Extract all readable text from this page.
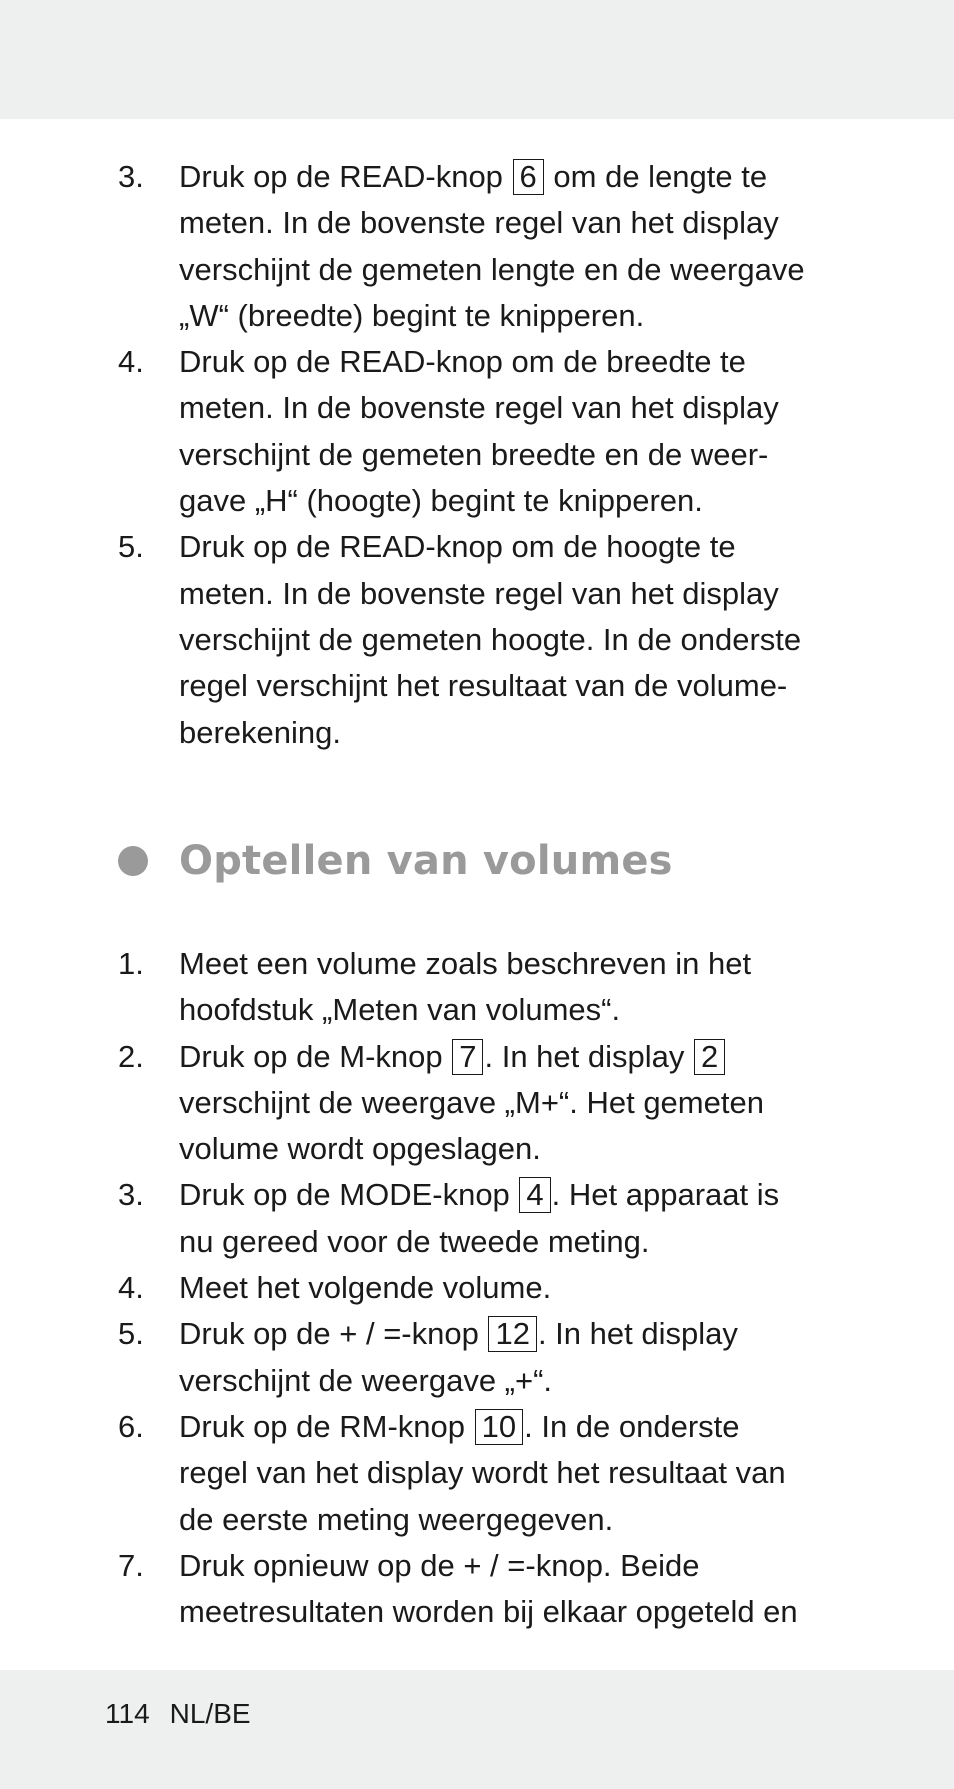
3. Druk op de READ-knop 6 om de lengte te
meten. In de bovenste regel van het display
verschijnt de gemeten lengte en de weergave
„W“ (breedte) begint te knipperen.
4. Druk op de READ-knop om de breedte te
meten. In de bovenste regel van het display
verschijnt de gemeten breedte en de weer-
gave „H“ (hoogte) begint te knipperen.
5. Druk op de READ-knop om de hoogte te
meten. In de bovenste regel van het display
verschijnt de gemeten hoogte. In de onderste
regel verschijnt het resultaat van de volume-
berekening.
Optellen van volumes
1. Meet een volume zoals beschreven in het
hoofdstuk „Meten van volumes“.
2. Druk op de M-knop 7 . In het display 2
verschijnt de weergave „M+“. Het gemeten
volume wordt opgeslagen.
3. Druk op de MODE-knop 4 . Het apparaat is
nu gereed voor de tweede meting.
4. Meet het volgende volume.
5. Druk op de + / =-knop 12 . In het display
verschijnt de weergave „+“.
6. Druk op de RM-knop 10 . In de onderste
regel van het display wordt het resultaat van
de eerste meting weergegeven.
7. Druk opnieuw op de + / =-knop. Beide
meetresultaten worden bij elkaar opgeteld en
114 NL/BE
